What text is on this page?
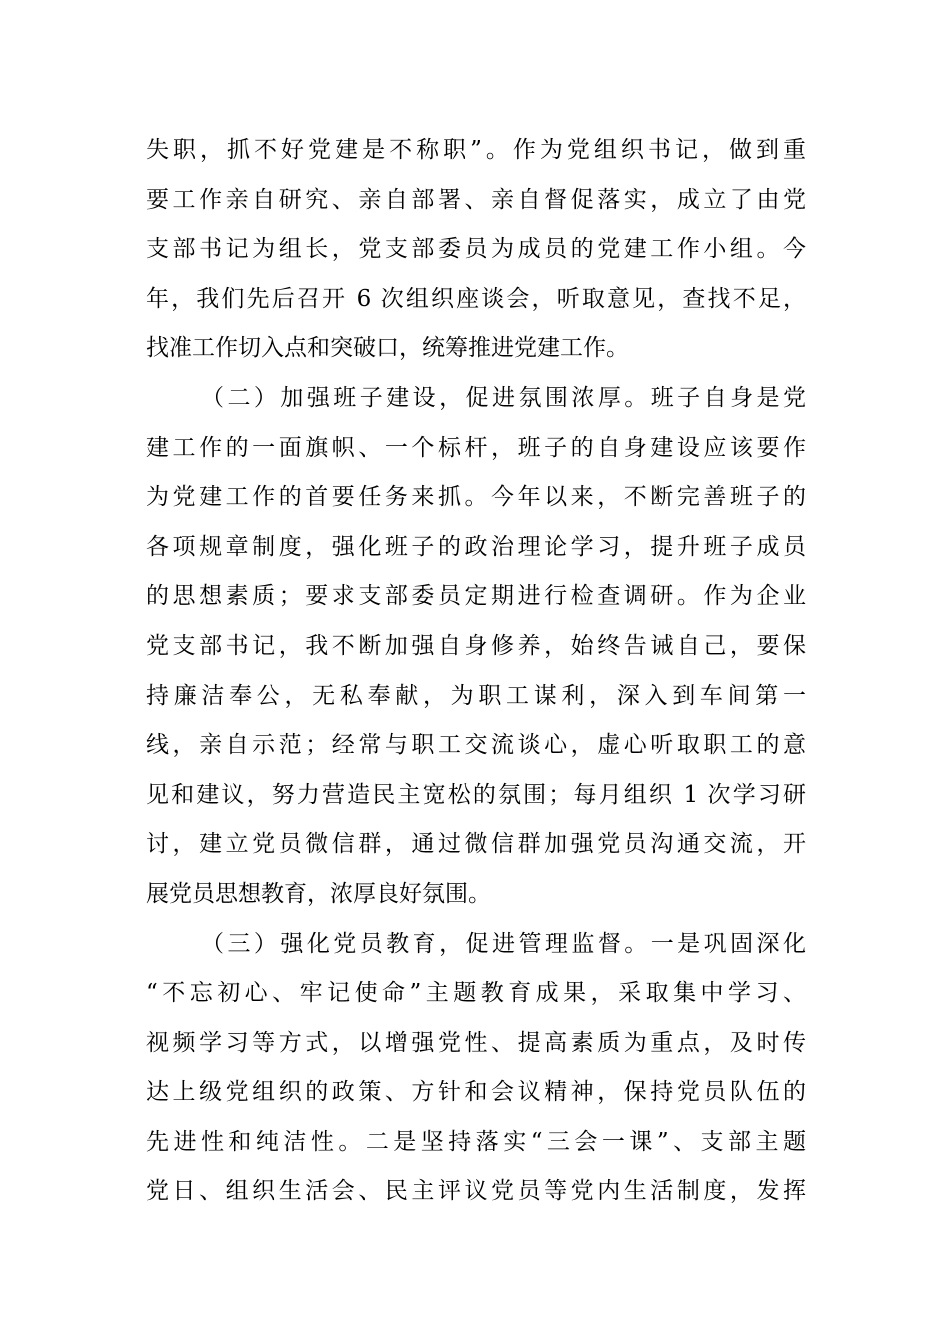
失职，抓不好党建是不称职”。作为党组织书记，做到重
要工作亲自研究、亲自部署、亲自督促落实，成立了由党
支部书记为组长，党支部委员为成员的党建工作小组。今
年，我们先后召开 6 次组织座谈会，听取意见，查找不足，
找准工作切入点和突破口，统筹推进党建工作。
（二）加强班子建设，促进氛围浓厚。班子自身是党
建工作的一面旗帜、一个标杆，班子的自身建设应该要作
为党建工作的首要任务来抓。今年以来，不断完善班子的
各项规章制度，强化班子的政治理论学习，提升班子成员
的思想素质；要求支部委员定期进行检查调研。作为企业
党支部书记，我不断加强自身修养，始终告诫自己，要保
持廉洁奉公，无私奉献，为职工谋利，深入到车间第一
线，亲自示范；经常与职工交流谈心，虚心听取职工的意
见和建议，努力营造民主宽松的氛围；每月组织 1 次学习研
讨，建立党员微信群，通过微信群加强党员沟通交流，开
展党员思想教育，浓厚良好氛围。
（三）强化党员教育，促进管理监督。一是巩固深化
“不忘初心、牢记使命”主题教育成果，采取集中学习、
视频学习等方式，以增强党性、提高素质为重点，及时传
达上级党组织的政策、方针和会议精神，保持党员队伍的
先进性和纯洁性。二是坚持落实“三会一课”、支部主题
党日、组织生活会、民主评议党员等党内生活制度，发挥
